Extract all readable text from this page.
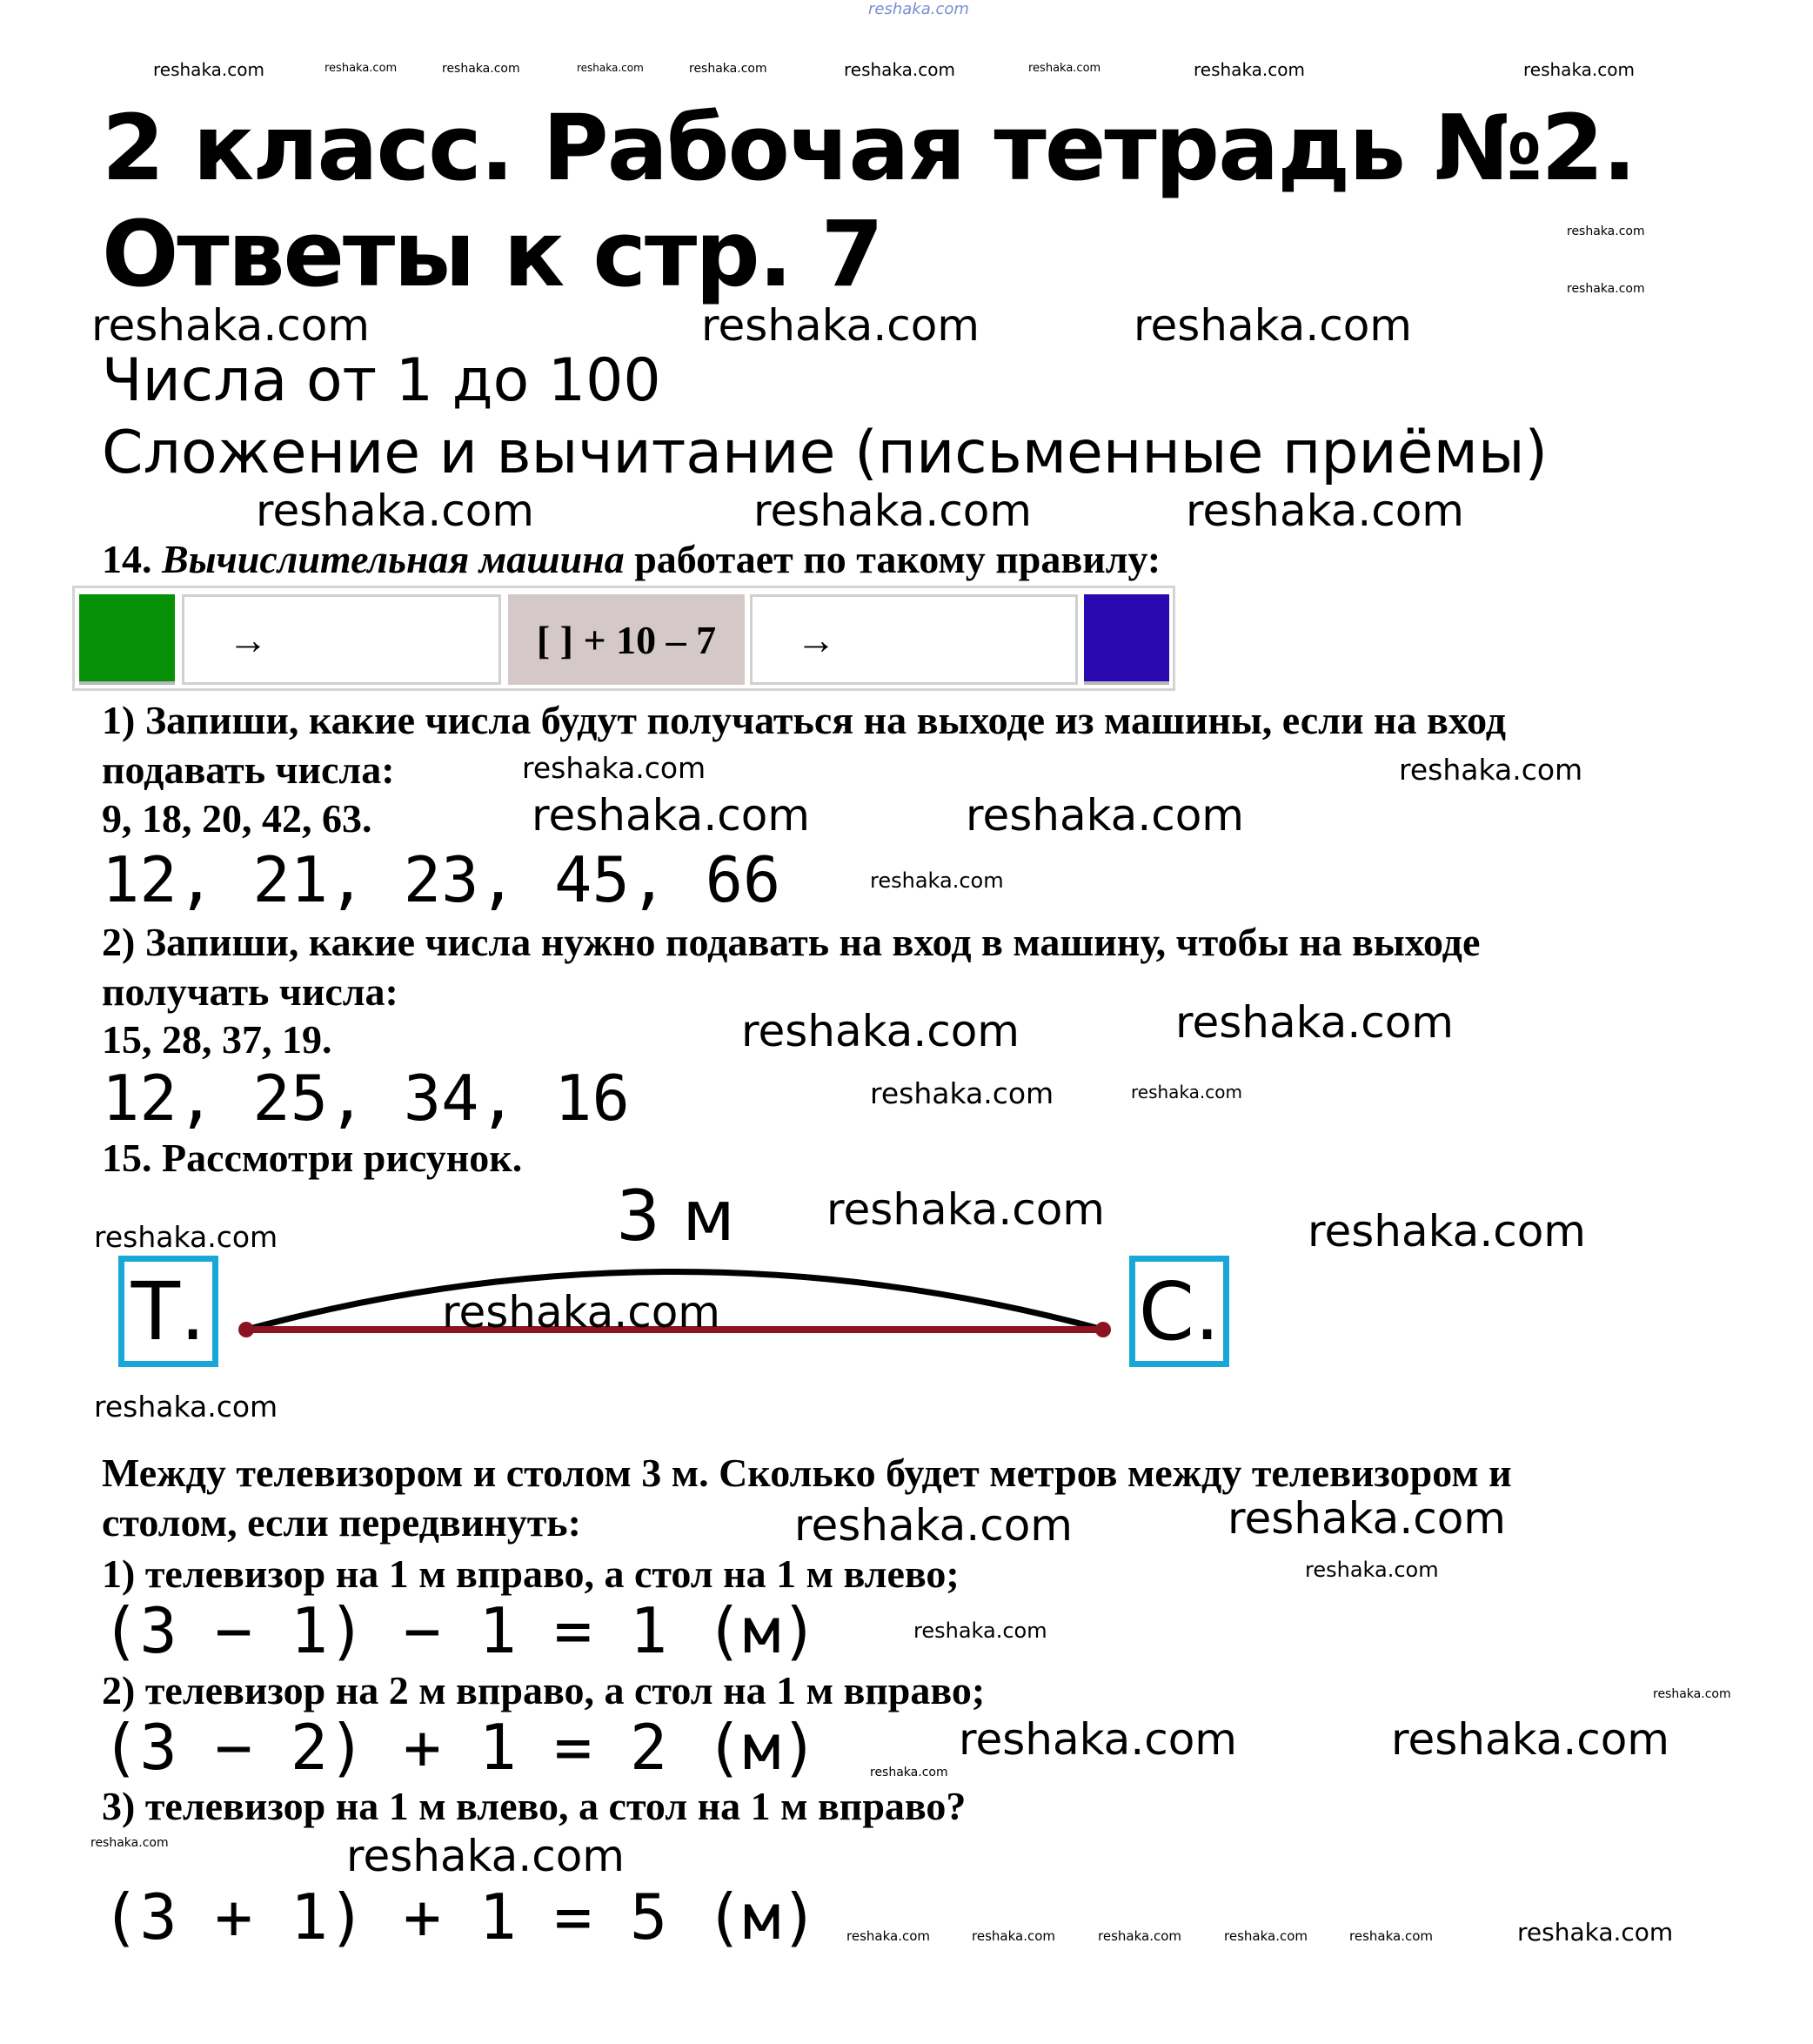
2 класс. Рабочая тетрадь №2.
Ответы к стр. 7
Числа от 1 до 100
Сложение и вычитание (письменные приёмы)
14. Вычислительная машина работает по такому правилу:
→	[ ] + 10 – 7	→
1) Запиши, какие числа будут получаться на выходе из машины, если на вход
подавать числа:
9, 18, 20, 42, 63.
12, 21, 23, 45, 66
2) Запиши, какие числа нужно подавать на вход в машину, чтобы на выходе
получать числа:
15, 28, 37, 19.
12, 25, 34, 16
15. Рассмотри рисунок.
3 м
Т.	С.
Между телевизором и столом 3 м. Сколько будет метров между телевизором и
столом, если передвинуть:
1) телевизор на 1 м вправо, а стол на 1 м влево;
(3 − 1) − 1 = 1 (м)
2) телевизор на 2 м вправо, а стол на 1 м вправо;
(3 − 2) + 1 = 2 (м)
3) телевизор на 1 м влево, а стол на 1 м вправо?
(3 + 1) + 1 = 5 (м)
reshaka.com
reshaka.com	reshaka.com	reshaka.com	reshaka.com	reshaka.com	reshaka.com	reshaka.com	reshaka.com	reshaka.com
reshaka.com
reshaka.com
reshaka.com	reshaka.com	reshaka.com
reshaka.com	reshaka.com	reshaka.com
reshaka.com	reshaka.com
reshaka.com	reshaka.com
reshaka.com
reshaka.com	reshaka.com
reshaka.com	reshaka.com
reshaka.com
reshaka.com	reshaka.com
reshaka.com
reshaka.com
reshaka.com	reshaka.com
reshaka.com
reshaka.com
reshaka.com
reshaka.com	reshaka.com
reshaka.com
reshaka.com
reshaka.com
reshaka.com	reshaka.com	reshaka.com	reshaka.com	reshaka.com	reshaka.com
